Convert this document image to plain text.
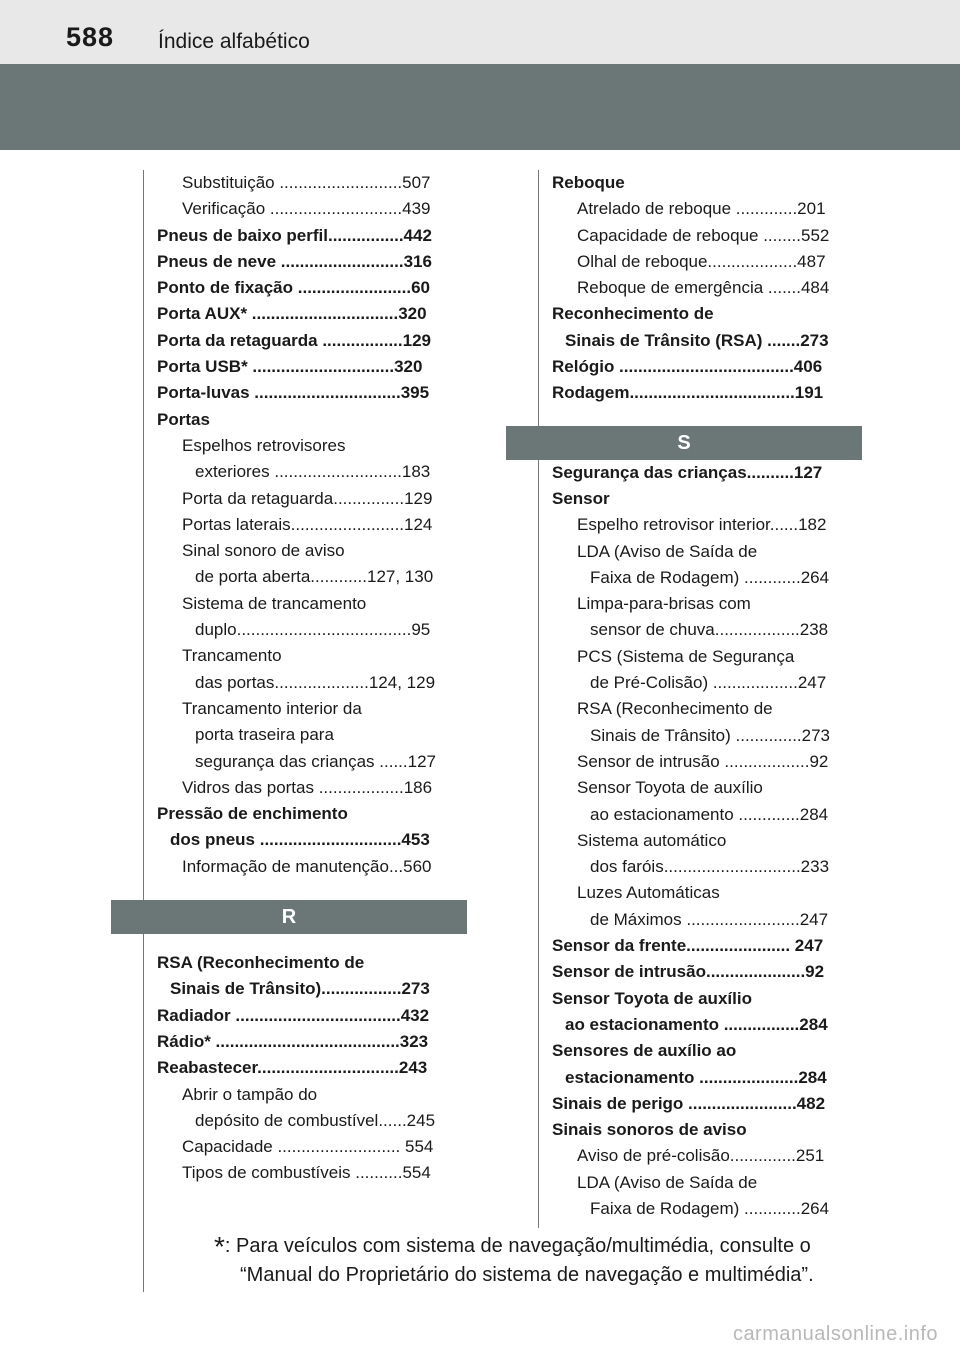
588 Índice alfabético
Substituição ..........................507
Verificação ............................439
Pneus de baixo perfil................442
Pneus de neve ..........................316
Ponto de fixação ........................60
Porta AUX* ...............................320
Porta da retaguarda .................129
Porta USB* ..............................320
Porta-luvas ...............................395
Portas
Espelhos retrovisores
exteriores ...........................183
Porta da retaguarda...............129
Portas laterais........................124
Sinal sonoro de aviso
de porta aberta............127, 130
Sistema de trancamento
duplo.....................................95
Trancamento
das portas....................124, 129
Trancamento interior da
porta traseira para
segurança das crianças ......127
Vidros das portas ..................186
Pressão de enchimento
dos pneus ..............................453
Informação de manutenção...560
R
RSA (Reconhecimento de
Sinais de Trânsito).................273
Radiador ...................................432
Rádio* .......................................323
Reabastecer..............................243
Abrir o tampão do
depósito de combustível......245
Capacidade .......................... 554
Tipos de combustíveis ..........554
Reboque
Atrelado de reboque .............201
Capacidade de reboque ........552
Olhal de reboque...................487
Reboque de emergência .......484
Reconhecimento de
Sinais de Trânsito (RSA) .......273
Relógio .....................................406
Rodagem...................................191
S
Segurança das crianças..........127
Sensor
Espelho retrovisor interior......182
LDA (Aviso de Saída de
Faixa de Rodagem) ............264
Limpa-para-brisas com
sensor de chuva..................238
PCS (Sistema de Segurança
de Pré-Colisão) ..................247
RSA (Reconhecimento de
Sinais de Trânsito) ..............273
Sensor de intrusão ..................92
Sensor Toyota de auxílio
ao estacionamento .............284
Sistema automático
dos faróis.............................233
Luzes Automáticas
de Máximos ........................247
Sensor da frente...................... 247
Sensor de intrusão.....................92
Sensor Toyota de auxílio
ao estacionamento ................284
Sensores de auxílio ao
estacionamento .....................284
Sinais de perigo .......................482
Sinais sonoros de aviso
Aviso de pré-colisão..............251
LDA (Aviso de Saída de
Faixa de Rodagem) ............264
*: Para veículos com sistema de navegação/multimédia, consulte o
“Manual do Proprietário do sistema de navegação e multimédia”.
carmanualsonline.info
